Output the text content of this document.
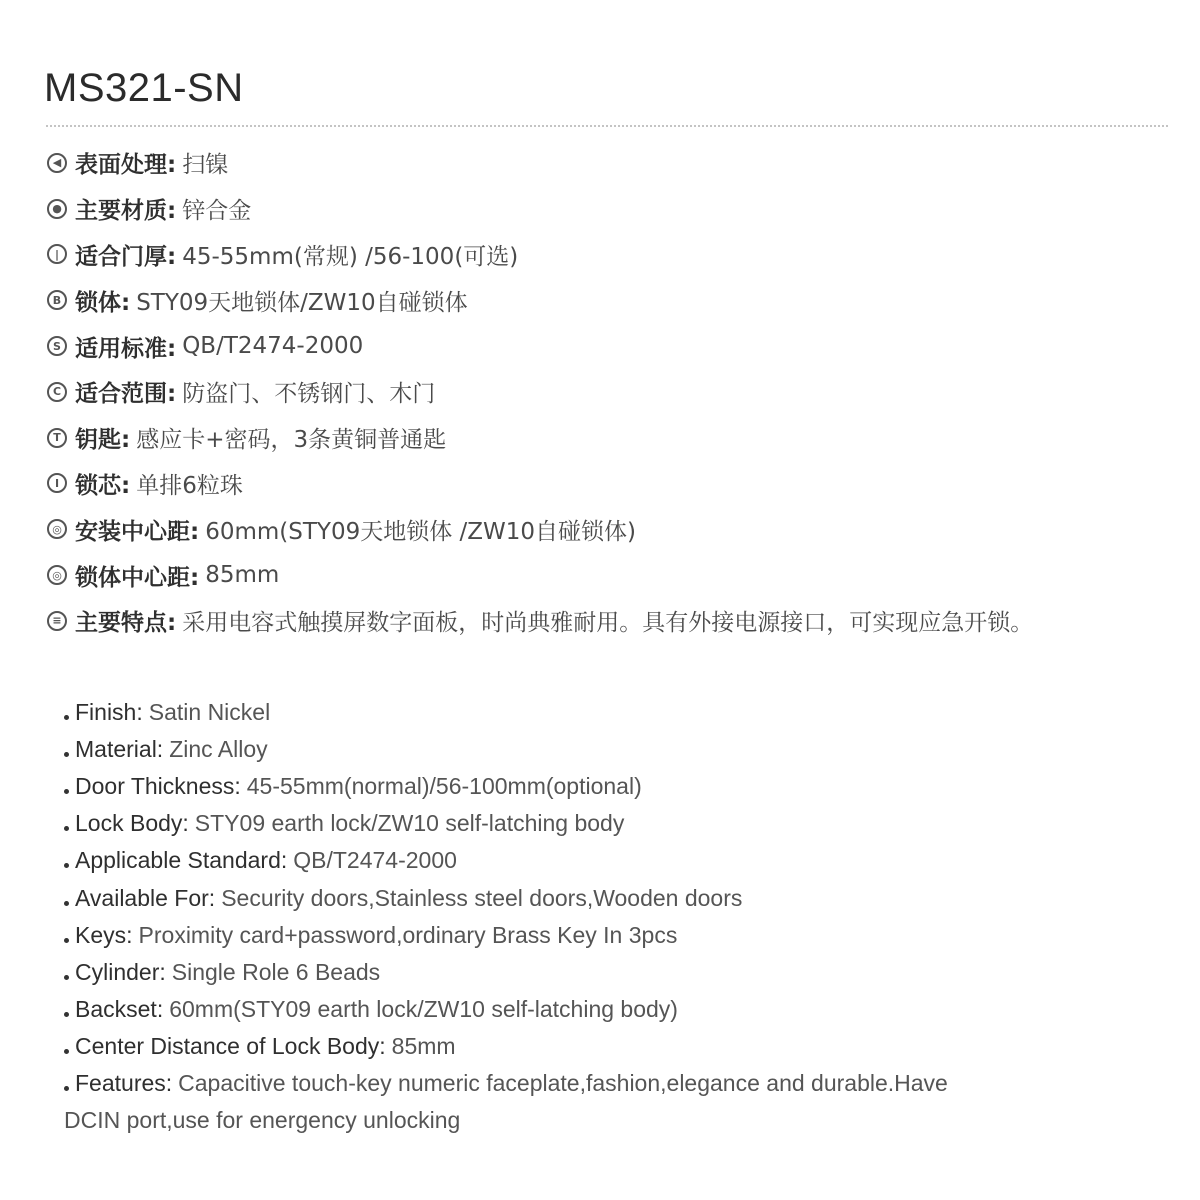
MS321-SN
◀ 表面处理: 扫镍
● 主要材质: 锌合金
| 适合门厚: 45-55mm(常规) /56-100(可选)
B 锁体: STY09天地锁体/ZW10自碰锁体
S 适用标准: QB/T2474-2000
C 适合范围: 防盗门、不锈钢门、木门
T 钥匙: 感应卡+密码，3条黄铜普通匙
I 锁芯: 单排6粒珠
◎ 安装中心距: 60mm(STY09天地锁体 /ZW10自碰锁体)
◎ 锁体中心距: 85mm
≡ 主要特点: 采用电容式触摸屏数字面板，时尚典雅耐用。具有外接电源接口，可实现应急开锁。
Finish: Satin Nickel
Material: Zinc Alloy
Door Thickness: 45-55mm(normal)/56-100mm(optional)
Lock Body: STY09 earth lock/ZW10 self-latching body
Applicable Standard: QB/T2474-2000
Available For: Security doors,Stainless steel doors,Wooden doors
Keys: Proximity card+password,ordinary Brass Key In 3pcs
Cylinder: Single Role 6 Beads
Backset: 60mm(STY09 earth lock/ZW10 self-latching body)
Center Distance of Lock Body: 85mm
Features: Capacitive touch-key numeric faceplate,fashion,elegance and durable.Have
DCIN port,use for energency unlocking
